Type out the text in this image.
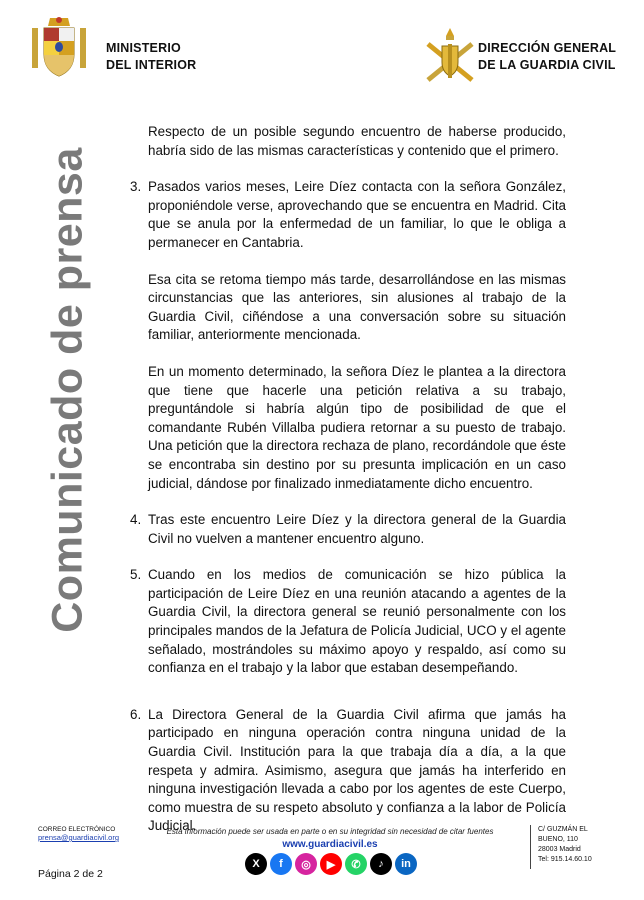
MINISTERIO
DEL INTERIOR
DIRECCIÓN GENERAL
DE LA GUARDIA CIVIL
Comunicado de prensa

Respecto de un posible segundo encuentro de haberse producido, habría sido de las mismas características y contenido que el primero.

3. Pasados varios meses, Leire Díez contacta con la señora González, proponiéndole verse, aprovechando que se encuentra en Madrid. Cita que se anula por la enfermedad de un familiar, lo que le obliga a permanecer en Cantabria.

Esa cita se retoma tiempo más tarde, desarrollándose en las mismas circunstancias que las anteriores, sin alusiones al trabajo de la Guardia Civil, ciñéndose a una conversación sobre su situación familiar, anteriormente mencionada.

En un momento determinado, la señora Díez le plantea a la directora que tiene que hacerle una petición relativa a su trabajo, preguntándole si habría algún tipo de posibilidad de que el comandante Rubén Villalba pudiera retornar a su puesto de trabajo. Una petición que la directora rechaza de plano, recordándole que éste se encontraba sin destino por su presunta implicación en un caso judicial, dándose por finalizado inmediatamente dicho encuentro.

4. Tras este encuentro Leire Díez y la directora general de la Guardia Civil no vuelven a mantener encuentro alguno.

5. Cuando en los medios de comunicación se hizo pública la participación de Leire Díez en una reunión atacando a agentes de la Guardia Civil, la directora general se reunió personalmente con los principales mandos de la Jefatura de Policía Judicial, UCO y el agente señalado, mostrándoles su máximo apoyo y respaldo, así como su confianza en el trabajo y la labor que estaban desempeñando.

6. La Directora General de la Guardia Civil afirma que jamás ha participado en ninguna operación contra ninguna unidad de la Guardia Civil. Institución para la que trabaja día a día, a la que respeta y admira. Asimismo, asegura que jamás ha interferido en ninguna investigación llevada a cabo por los agentes de este Cuerpo, como muestra de su respeto absoluto y confianza a la labor de Policía Judicial.

CORREO ELECTRÓNICO
prensa@guardiacivil.org
Página 2 de 2
Esta información puede ser usada en parte o en su integridad sin necesidad de citar fuentes
www.guardiacivil.es
X	f	◎	▶	✆	♪	in
C/ GUZMÁN EL
BUENO, 110
28003 Madrid
Tel: 915.14.60.10
